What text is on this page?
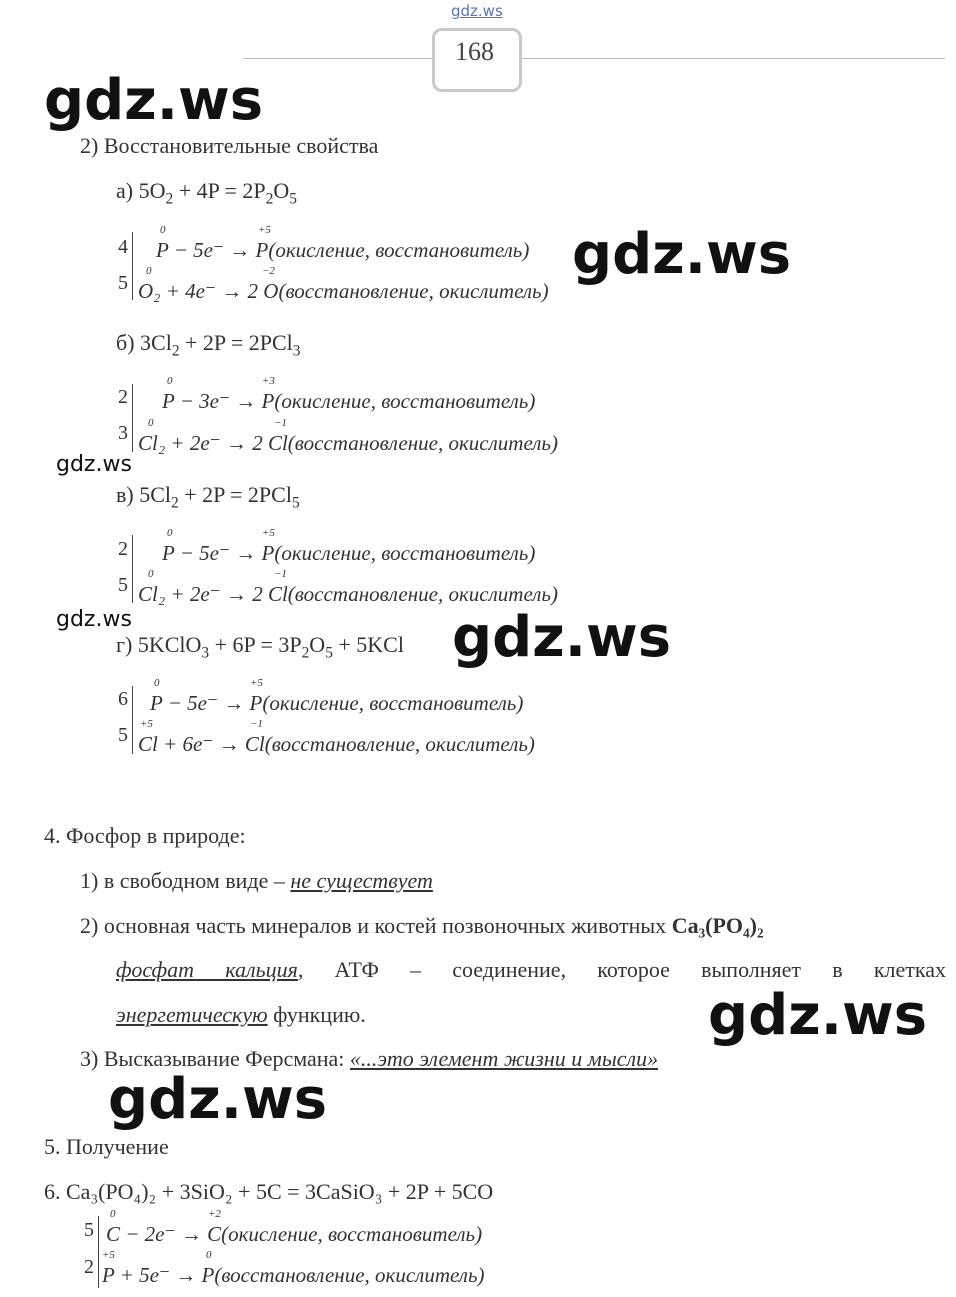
gdz.ws
168
gdz.ws
gdz.ws
gdz.ws
gdz.ws	gdz.ws
gdz.ws
gdz.ws
2) Восстановительные свойства
а) $5O_2 + 4P = 2P_2O_5$
4
5
0	+5
P − 5e⁻ → P(окисление, восстановитель)
0	−2
O₂ + 4e⁻ → 2 O(восстановление, окислитель)
б) $3Cl_2 + 2P = 2PCl_3$
2
3
0	+3
P − 3e⁻ → P(окисление, восстановитель)
0	−1
Cl₂ + 2e⁻ → 2 Cl(восстановление, окислитель)
в) $5Cl_2 + 2P = 2PCl_5$
2
5
0	+5
P − 5e⁻ → P(окисление, восстановитель)
0	−1
Cl₂ + 2e⁻ → 2 Cl(восстановление, окислитель)
г) 5KClO$_3$ + $6P = 3P_2O_5 + 5KCl$
6
5
0	+5
P − 5e⁻ → P(окисление, восстановитель)
+5	−1
Cl + 6e⁻ → Cl(восстановление, окислитель)
4. Фосфор в природе:
1) в свободном виде – не существует
2) основная часть минералов и костей позвоночных животных Ca₃(PO₄)₂
фосфат кальция, АТФ – соединение, которое выполняет в клетках
энергетическую функцию.
3) Высказывание Ферсмана: «...это элемент жизни и мысли»
5. Получение
6. Ca₃(PO₄)₂ + 3SiO₂ + 5C = 3CaSiO₃ + 2P + 5CO
5
2
0	+2
C − 2e⁻ → C(окисление, восстановитель)
+5	0
P + 5e⁻ → P(восстановление, окислитель)
